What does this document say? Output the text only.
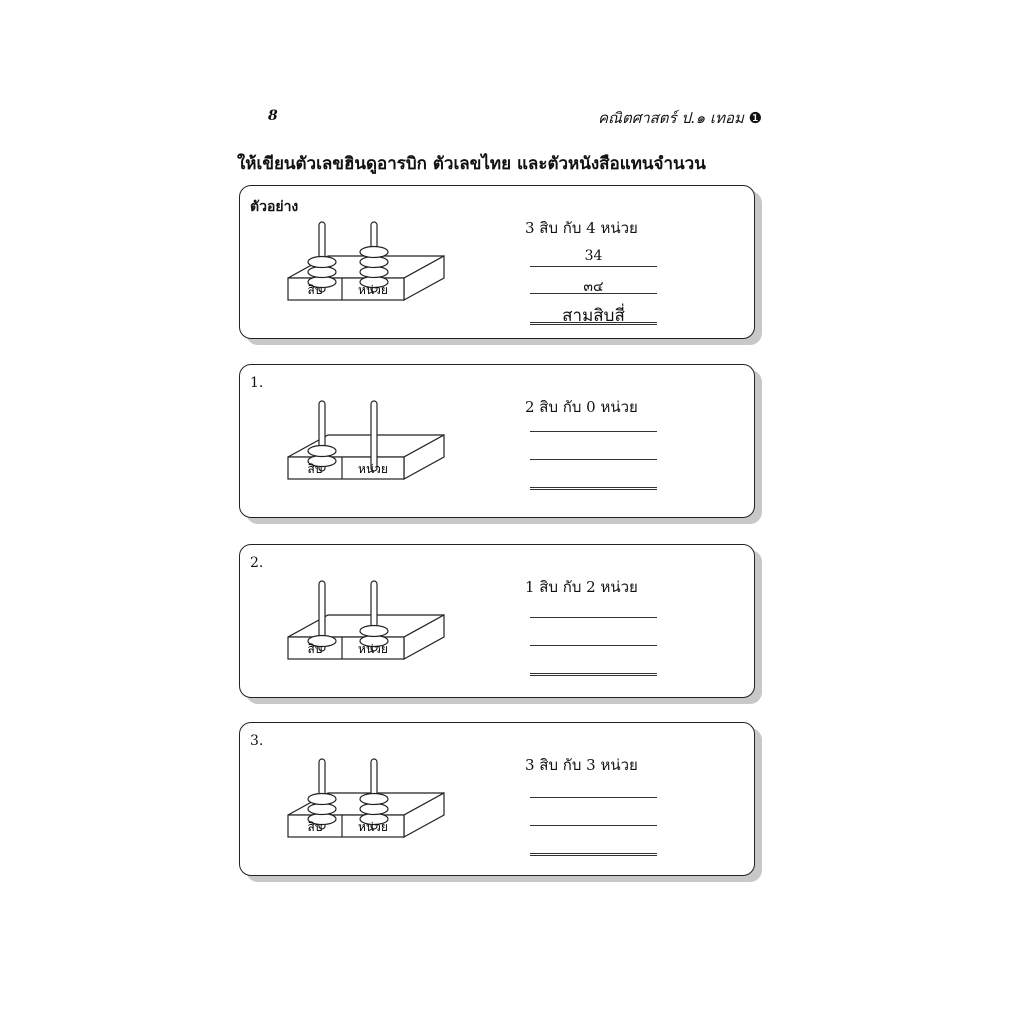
8	คณิตศาสตร์ ป.๑ เทอม ❶
ให้เขียนตัวเลขฮินดูอารบิก ตัวเลขไทย และตัวหนังสือแทนจำนวน
ตัวอย่าง
สิบ	หน่วย
3 สิบ กับ 4 หน่วย
34
๓๔
สามสิบสี่
1.
สิบ	หน่วย
2 สิบ กับ 0 หน่วย
2.
สิบ	หน่วย
1 สิบ กับ 2 หน่วย
3.
สิบ	หน่วย
3 สิบ กับ 3 หน่วย
